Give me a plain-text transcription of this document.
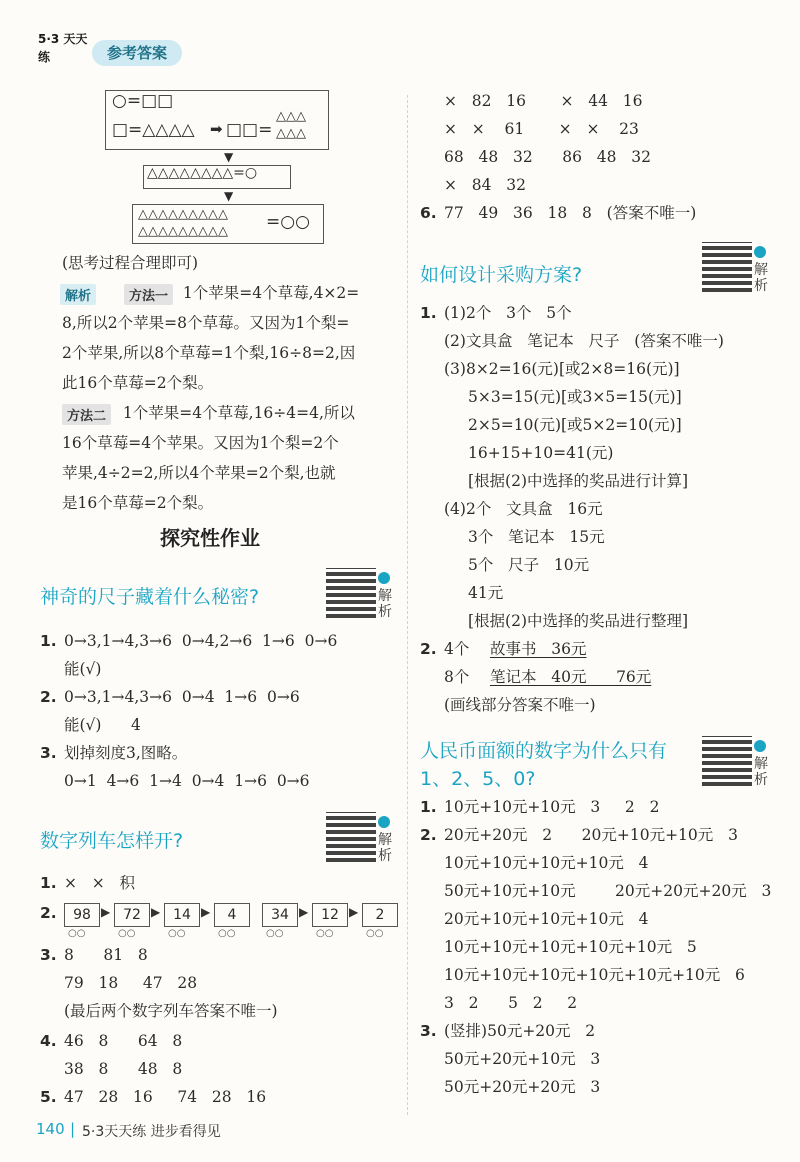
5·3 天天练	参考答案
○=□□
□=△△△△ ➡ □□=
△△△
△△△
▼
△△△△△△△△=○
▼
△△△△△△△△△
△△△△△△△△△ =○○
(思考过程合理即可)
解析	方法一 1个苹果=4个草莓,4×2=
8,所以2个苹果=8个草莓。又因为1个梨=
2个苹果,所以8个草莓=1个梨,16÷8=2,因
此16个草莓=2个梨。
方法二 1个苹果=4个草莓,16÷4=4,所以
16个草莓=4个苹果。又因为1个梨=2个
苹果,4÷2=2,所以4个苹果=2个梨,也就
是16个草莓=2个梨。
探究性作业
神奇的尺子藏着什么秘密?	解析
1. 0→3,1→4,3→6  0→4,2→6  1→6  0→6
能(√)
2. 0→3,1→4,3→6  0→4  1→6  0→6
能(√)      4
3. 划掉刻度3,图略。
0→1  4→6  1→4  0→4  1→6  0→6
数字列车怎样开?	解析
1. ×   ×   积
2.	98
○○
▶ 72
○○
▶ 14
○○
▶	4
○○
34
○○
▶ 12
○○
▶	2
○○
3. 8      81   8
79   18     47   28
(最后两个数字列车答案不唯一)
4. 46   8      64   8
38   8      48   8
5. 47   28   16     74   28   16
×   82   16       ×   44   16
×   ×    61       ×   ×    23
68   48   32      86   48   32
×   84   32
6. 77   49   36   18   8   (答案不唯一)
如何设计采购方案?	解析
1. (1)2个   3个   5个
(2)文具盒   笔记本   尺子   (答案不唯一)
(3)8×2=16(元)[或2×8=16(元)]
5×3=15(元)[或3×5=15(元)]
2×5=10(元)[或5×2=10(元)]
16+15+10=41(元)
[根据(2)中选择的奖品进行计算]
(4)2个   文具盒   16元
3个   笔记本   15元
5个   尺子   10元
41元
[根据(2)中选择的奖品进行整理]
2. 4个 故事书   36元
8个 笔记本   40元      76元
(画线部分答案不唯一)
人民币面额的数字为什么只有
1、2、5、0?
解析
1. 10元+10元+10元   3     2   2
2. 20元+20元   2      20元+10元+10元   3
10元+10元+10元+10元   4
50元+10元+10元        20元+20元+20元   3
20元+10元+10元+10元   4
10元+10元+10元+10元+10元   5
10元+10元+10元+10元+10元+10元   6
3   2      5   2     2
3. (竖排)50元+20元   2
50元+20元+10元   3
50元+20元+20元   3
140 | 5·3天天练 进步看得见
